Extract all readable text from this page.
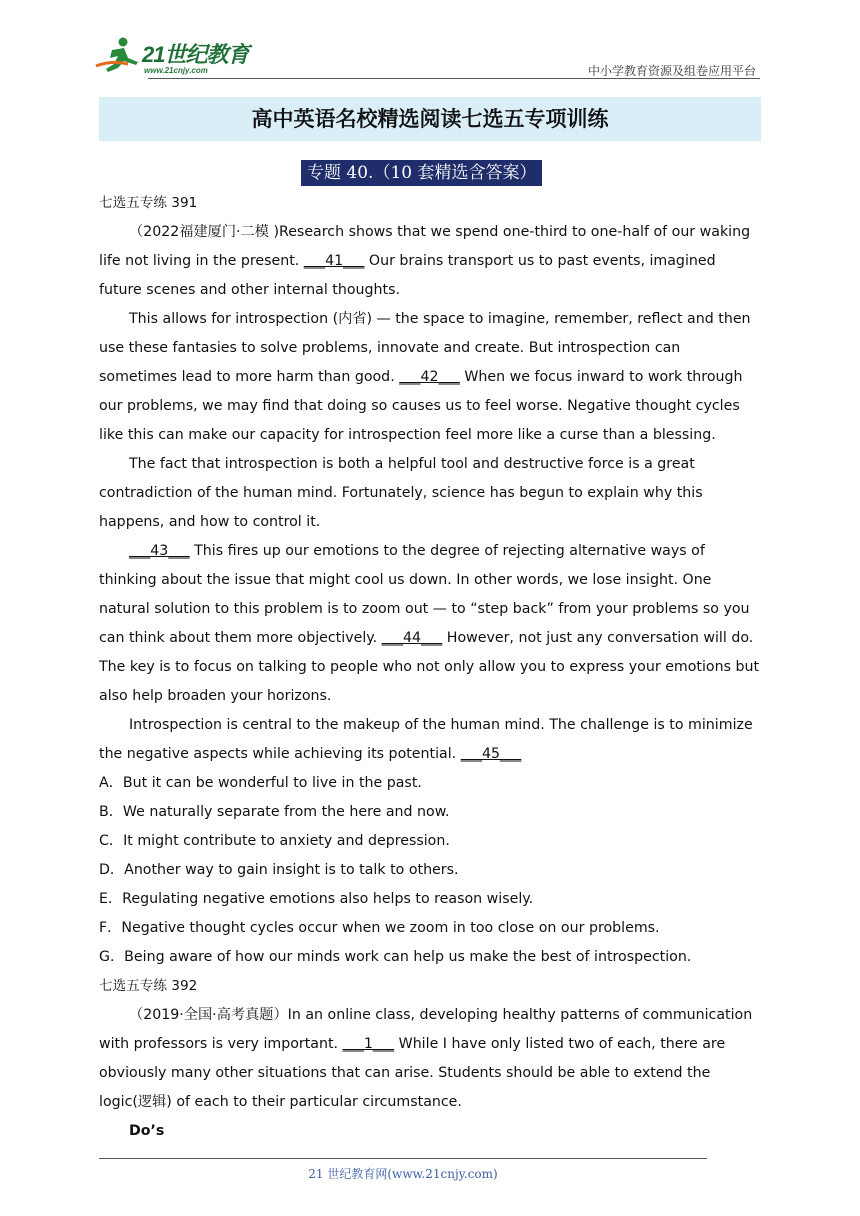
21世纪教育
www.21cnjy.com	中小学教育资源及组卷应用平台
高中英语名校精选阅读七选五专项训练
专题 40.（10 套精选含答案）

七选五专练 391

（2022福建厦门·二模 )Research shows that we spend one-third to one-half of our waking life not living in the present. ___41___ Our brains transport us to past events, imagined future scenes and other internal thoughts.

This allows for introspection (内省) — the space to imagine, remember, reflect and then use these fantasies to solve problems, innovate and create. But introspection can sometimes lead to more harm than good. ___42___ When we focus inward to work through our problems, we may find that doing so causes us to feel worse. Negative thought cycles like this can make our capacity for introspection feel more like a curse than a blessing.

The fact that introspection is both a helpful tool and destructive force is a great contradiction of the human mind. Fortunately, science has begun to explain why this happens, and how to control it.

___43___ This fires up our emotions to the degree of rejecting alternative ways of thinking about the issue that might cool us down. In other words, we lose insight. One natural solution to this problem is to zoom out — to “step back” from your problems so you can think about them more objectively. ___44___ However, not just any conversation will do. The key is to focus on talking to people who not only allow you to express your emotions but also help broaden your horizons.

Introspection is central to the makeup of the human mind. The challenge is to minimize the negative aspects while achieving its potential. ___45___

A．But it can be wonderful to live in the past.

B．We naturally separate from the here and now.

C．It might contribute to anxiety and depression.

D．Another way to gain insight is to talk to others.

E．Regulating negative emotions also helps to reason wisely.

F．Negative thought cycles occur when we zoom in too close on our problems.

G．Being aware of how our minds work can help us make the best of introspection.

七选五专练 392

（2019·全国·高考真题）In an online class, developing healthy patterns of communication with professors is very important. ___1___ While I have only listed two of each, there are obviously many other situations that can arise. Students should be able to extend the logic(逻辑) of each to their particular circumstance.

Do’s

21 世纪教育网(www.21cnjy.com)
